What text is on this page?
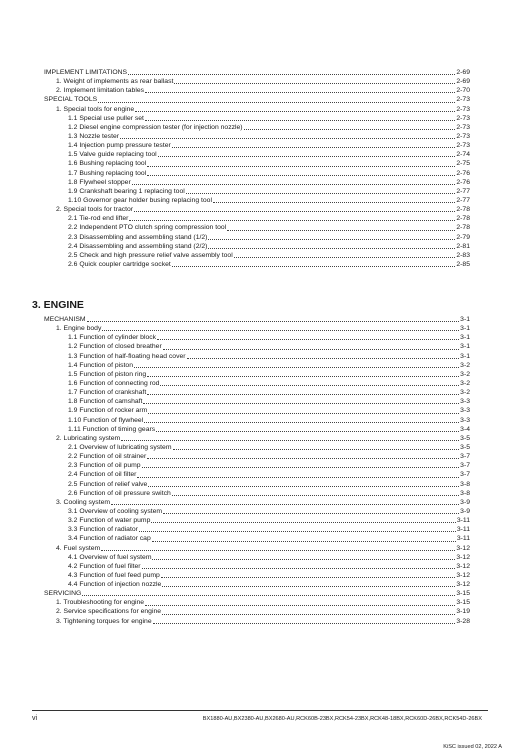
IMPLEMENT LIMITATIONS	2-69
1. Weight of implements as rear ballast	2-69
2. Implement limitation tables	2-70
SPECIAL TOOLS	2-73
1. Special tools for engine	2-73
1.1 Special use puller set	2-73
1.2 Diesel engine compression tester (for injection nozzle)	2-73
1.3 Nozzle tester	2-73
1.4 Injection pump pressure tester	2-73
1.5 Valve guide replacing tool	2-74
1.6 Bushing replacing tool	2-75
1.7 Bushing replacing tool	2-76
1.8 Flywheel stopper	2-76
1.9 Crankshaft bearing 1 replacing tool	2-77
1.10 Governor gear holder busing replacing tool	2-77
2. Special tools for tractor	2-78
2.1 Tie-rod end lifter	2-78
2.2 Independent PTO clutch spring compression tool	2-78
2.3 Disassembling and assembling stand (1/2)	2-79
2.4 Disassembling and assembling stand (2/2)	2-81
2.5 Check and high pressure relief valve assembly tool	2-83
2.6 Quick coupler cartridge socket	2-85
3. ENGINE
MECHANISM	3-1
1. Engine body	3-1
1.1 Function of cylinder block	3-1
1.2 Function of closed breather	3-1
1.3 Function of half-floating head cover	3-1
1.4 Function of piston	3-2
1.5 Function of piston ring	3-2
1.6 Function of connecting rod	3-2
1.7 Function of crankshaft	3-2
1.8 Function of camshaft	3-3
1.9 Function of rocker arm	3-3
1.10 Function of flywheel	3-3
1.11 Function of timing gears	3-4
2. Lubricating system	3-5
2.1 Overview of lubricating system	3-5
2.2 Function of oil strainer	3-7
2.3 Function of oil pump	3-7
2.4 Function of oil filter	3-7
2.5 Function of relief valve	3-8
2.6 Function of oil pressure switch	3-8
3. Cooling system	3-9
3.1 Overview of cooling system	3-9
3.2 Function of water pump	3-11
3.3 Function of radiator	3-11
3.4 Function of radiator cap	3-11
4. Fuel system	3-12
4.1 Overview of fuel system	3-12
4.2 Function of fuel filter	3-12
4.3 Function of fuel feed pump	3-12
4.4 Function of injection nozzle	3-12
SERVICING	3-15
1. Troubleshooting for engine	3-15
2. Service specifications for engine	3-19
3. Tightening torques for engine	3-28
vi	BX1880-AU,BX2380-AU,BX2680-AU,RCK60B-23BX,RCK54-23BX,RCK48-18BX,RCK60D-26BX,RCK54D-26BX
KiSC issued 02, 2022 A
